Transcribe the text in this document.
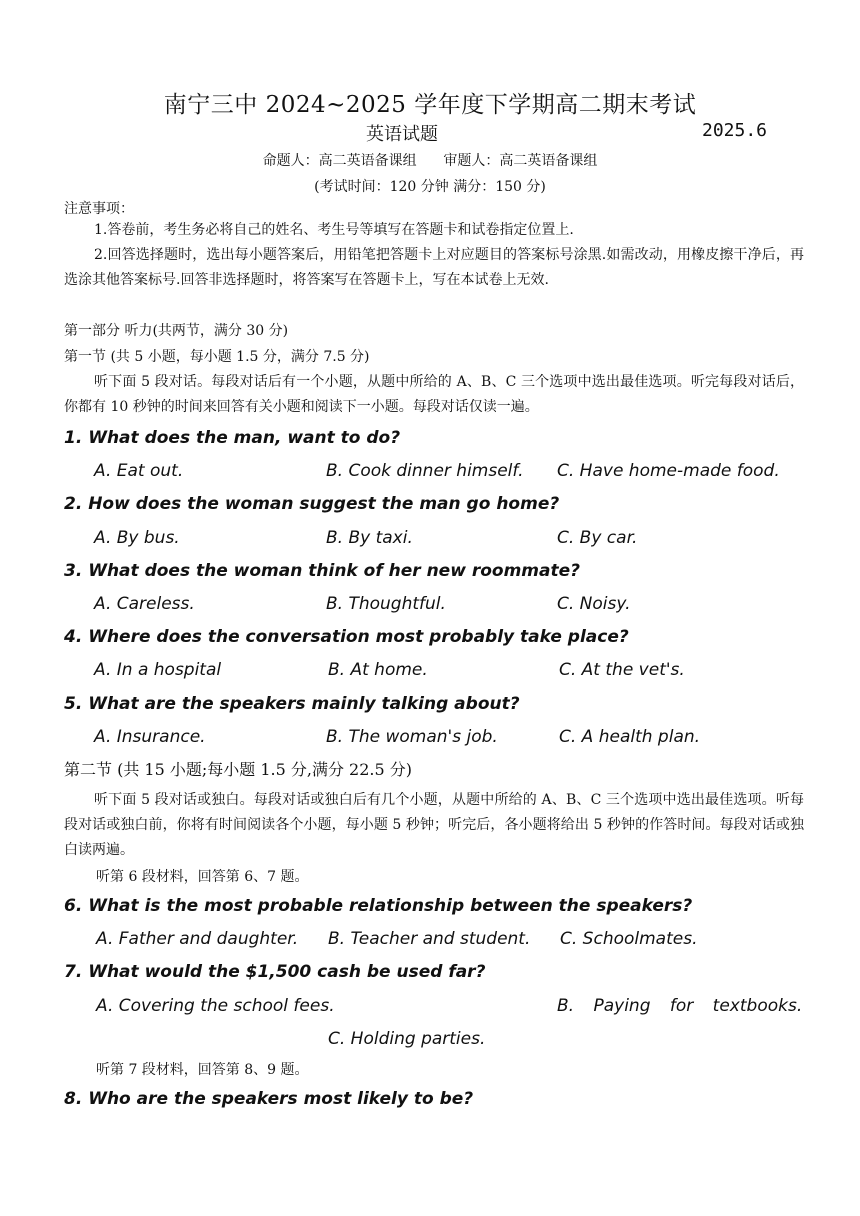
南宁三中 2024~2025 学年度下学期高二期末考试
英语试题	2025.6
命题人：高二英语备课组      审题人：高二英语备课组
(考试时间：120 分钟 满分：150 分)
注意事项：
1.答卷前，考生务必将自己的姓名、考生号等填写在答题卡和试卷指定位置上.
2.回答选择题时，选出每小题答案后，用铅笔把答题卡上对应题目的答案标号涂黑.如需改动，用橡皮擦干净后，再选涂其他答案标号.回答非选择题时，将答案写在答题卡上，写在本试卷上无效.
第一部分 听力(共两节，满分 30 分)
第一节 (共 5 小题，每小题 1.5 分，满分 7.5 分)
听下面 5 段对话。每段对话后有一个小题，从题中所给的 A、B、C 三个选项中选出最佳选项。听完每段对话后，你都有 10 秒钟的时间来回答有关小题和阅读下一小题。每段对话仅读一遍。
1. What does the man, want to do?
A. Eat out.	B. Cook dinner himself. C. Have home-made food.
2. How does the woman suggest the man go home?
A. By bus.	B. By taxi.	C. By car.
3. What does the woman think of her new roommate?
A. Careless.	B. Thoughtful.	C. Noisy.
4. Where does the conversation most probably take place?
A. In a hospital	B. At home.	C. At the vet's.
5. What are the speakers mainly talking about?
A. Insurance.	B. The woman's job.	C. A health plan.
第二节 (共 15 小题;每小题 1.5 分,满分 22.5 分)
听下面 5 段对话或独白。每段对话或独白后有几个小题，从题中所给的 A、B、C 三个选项中选出最佳选项。听每段对话或独白前，你将有时间阅读各个小题，每小题 5 秒钟；听完后，各小题将给出 5 秒钟的作答时间。每段对话或独白读两遍。
听第 6 段材料，回答第 6、7 题。
6. What is the most probable relationship between the speakers?
A. Father and daughter. B. Teacher and student. C. Schoolmates.
7. What would the $1,500 cash be used far?
A. Covering the school fees.	B. Paying for textbooks.
C. Holding parties.
听第 7 段材料，回答第 8、9 题。
8. Who are the speakers most likely to be?
